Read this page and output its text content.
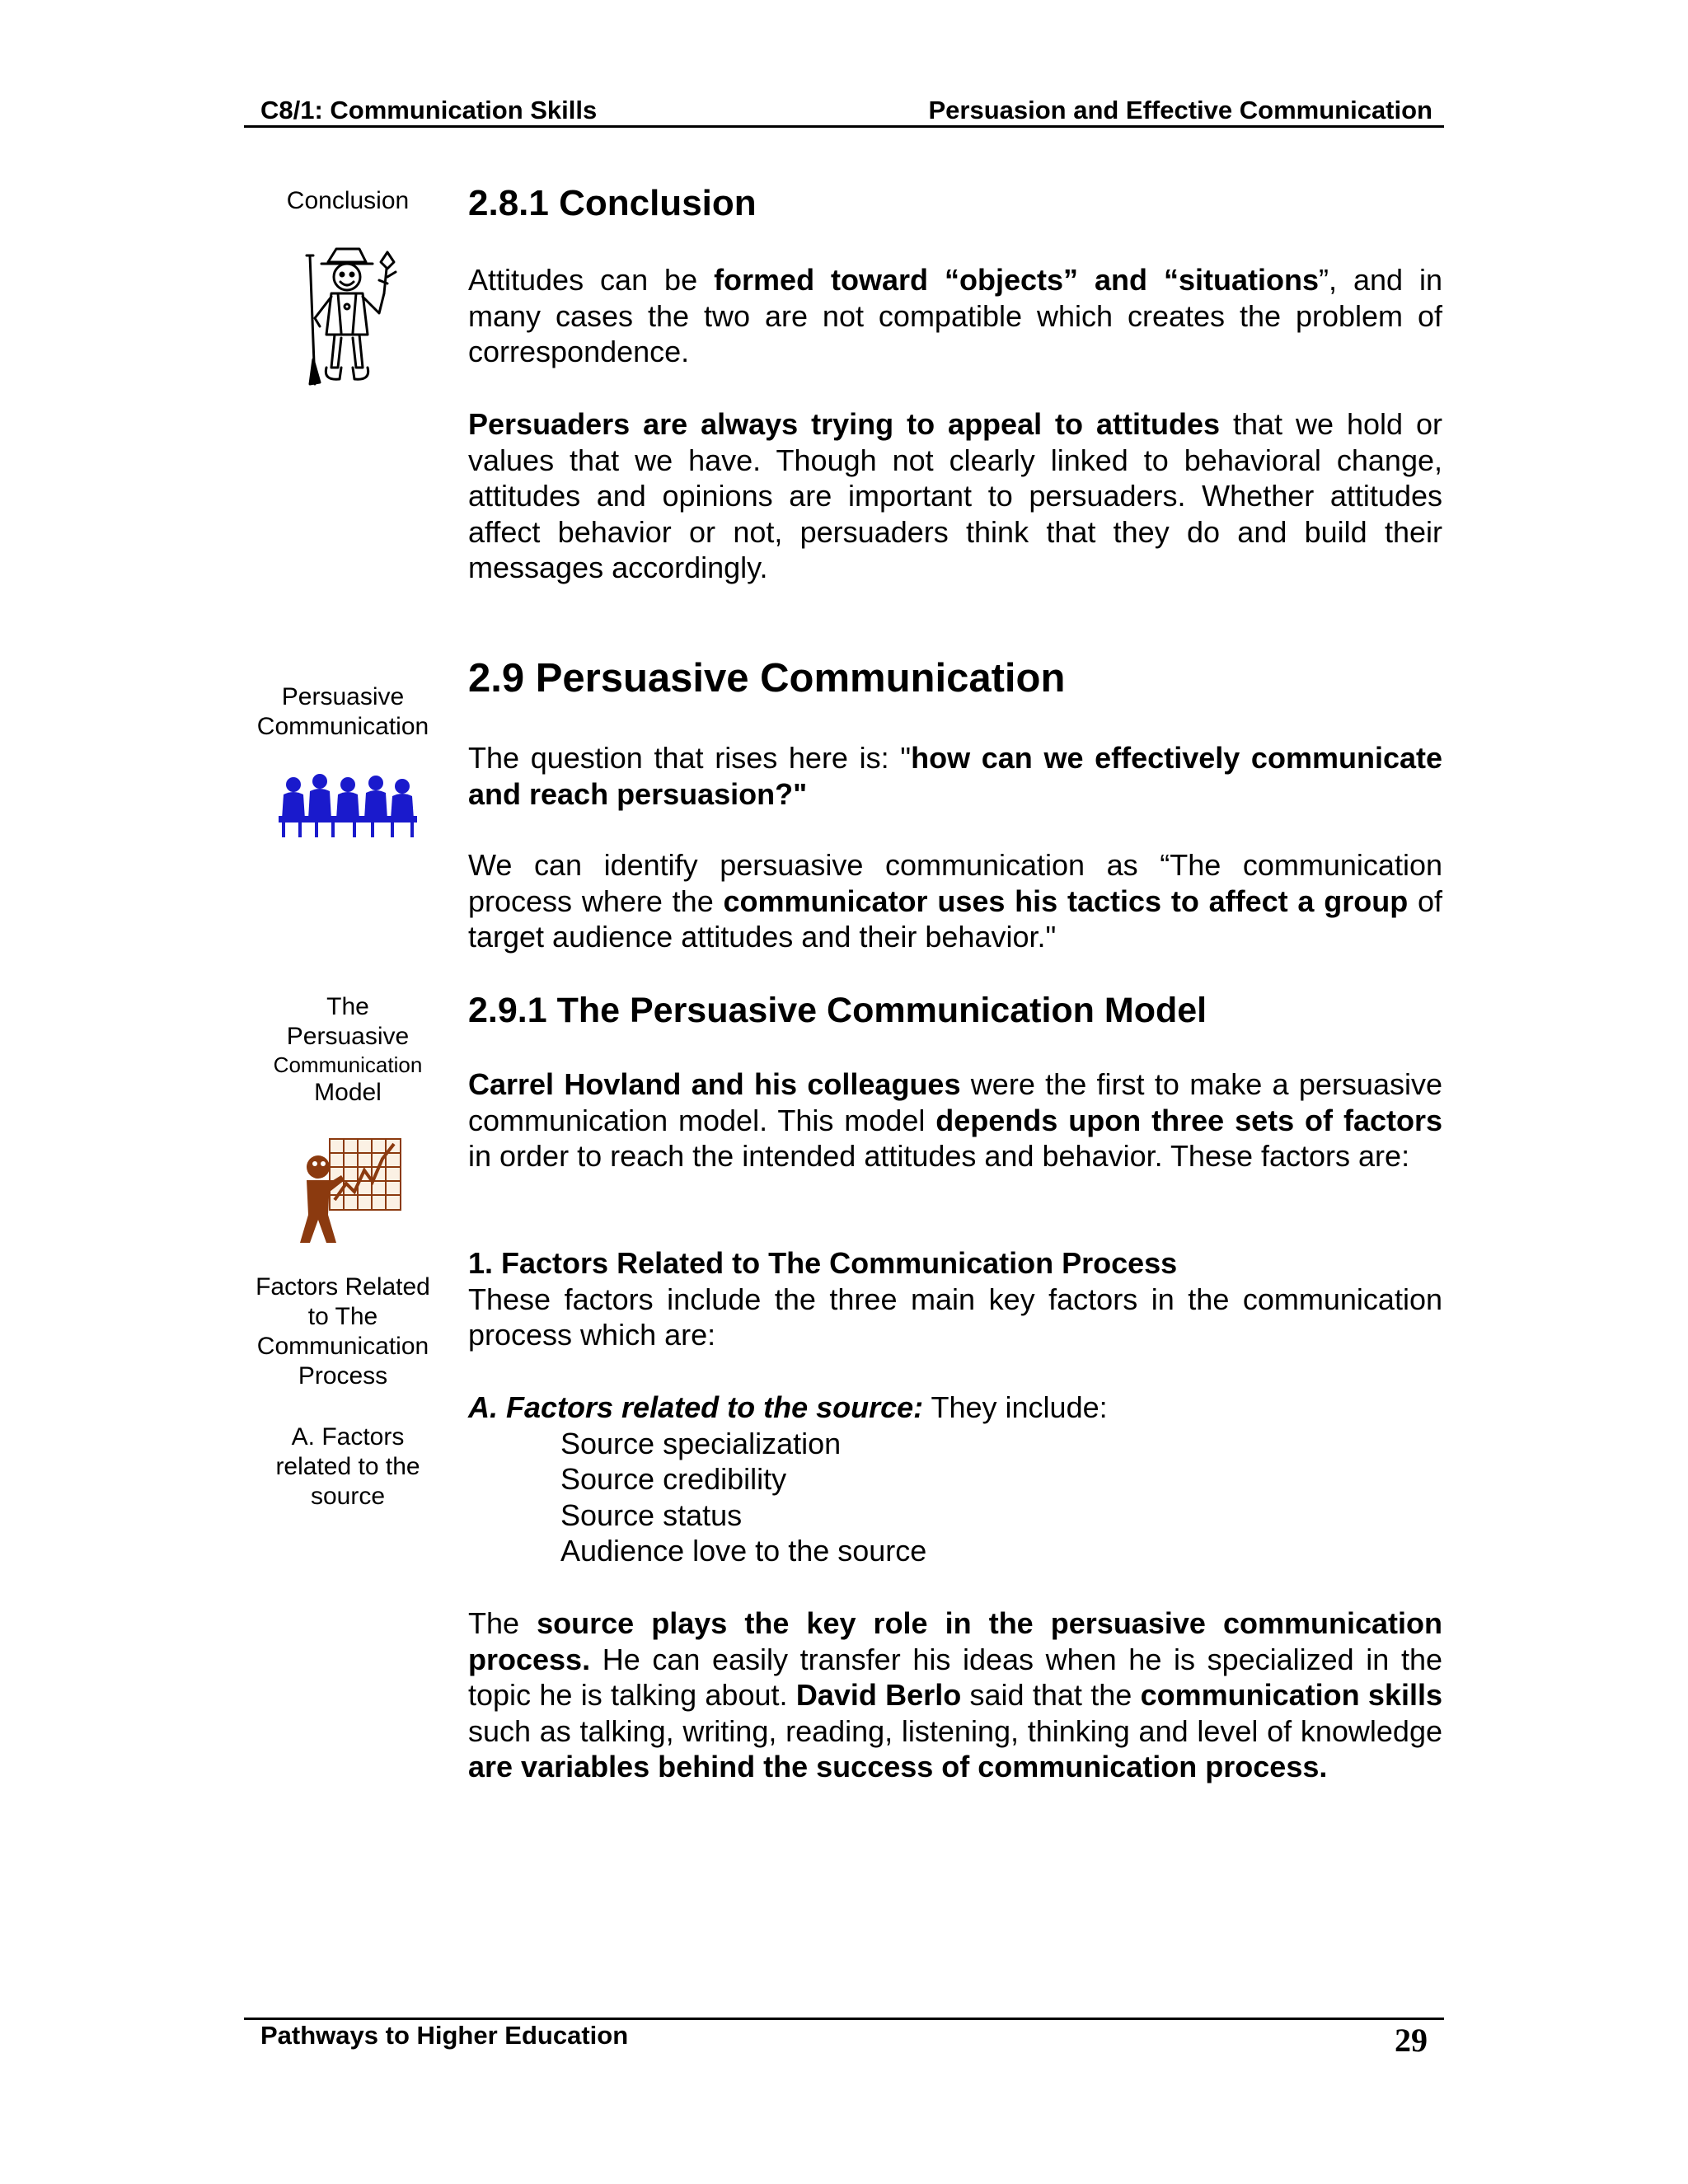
C8/1: Communication Skills	Persuasion and Effective Communication
Conclusion	2.8.1 Conclusion

Attitudes can be formed toward “objects” and “situations”, and in many cases the two are not compatible which creates the problem of correspondence.

Persuaders are always trying to appeal to attitudes that we hold or values that we have. Though not clearly linked to behavioral change, attitudes and opinions are important to persuaders. Whether attitudes affect behavior or not, persuaders think that they do and build their messages accordingly.

Persuasive
Communication
2.9 Persuasive Communication

The question that rises here is: "how can we effectively communicate and reach persuasion?"

We can identify persuasive communication as “The communication process where the communicator uses his tactics to affect a group of target audience attitudes and their behavior."

The
Persuasive
Communication
Model
2.9.1 The Persuasive Communication Model

Carrel Hovland and his colleagues were the first to make a persuasive communication model. This model depends upon three sets of factors in order to reach the intended attitudes and behavior. These factors are:

Factors Related
to The
Communication
Process
A. Factors
related to the
source

1. Factors Related to The Communication Process

These factors include the three main key factors in the communication process which are:

A. Factors related to the source: They include:

Source specialization

Source credibility

Source status

Audience love to the source

The source plays the key role in the persuasive communication process. He can easily transfer his ideas when he is specialized in the topic he is talking about. David Berlo said that the communication skills such as talking, writing, reading, listening, thinking and level of knowledge are variables behind the success of communication process.

Pathways to Higher Education	29
